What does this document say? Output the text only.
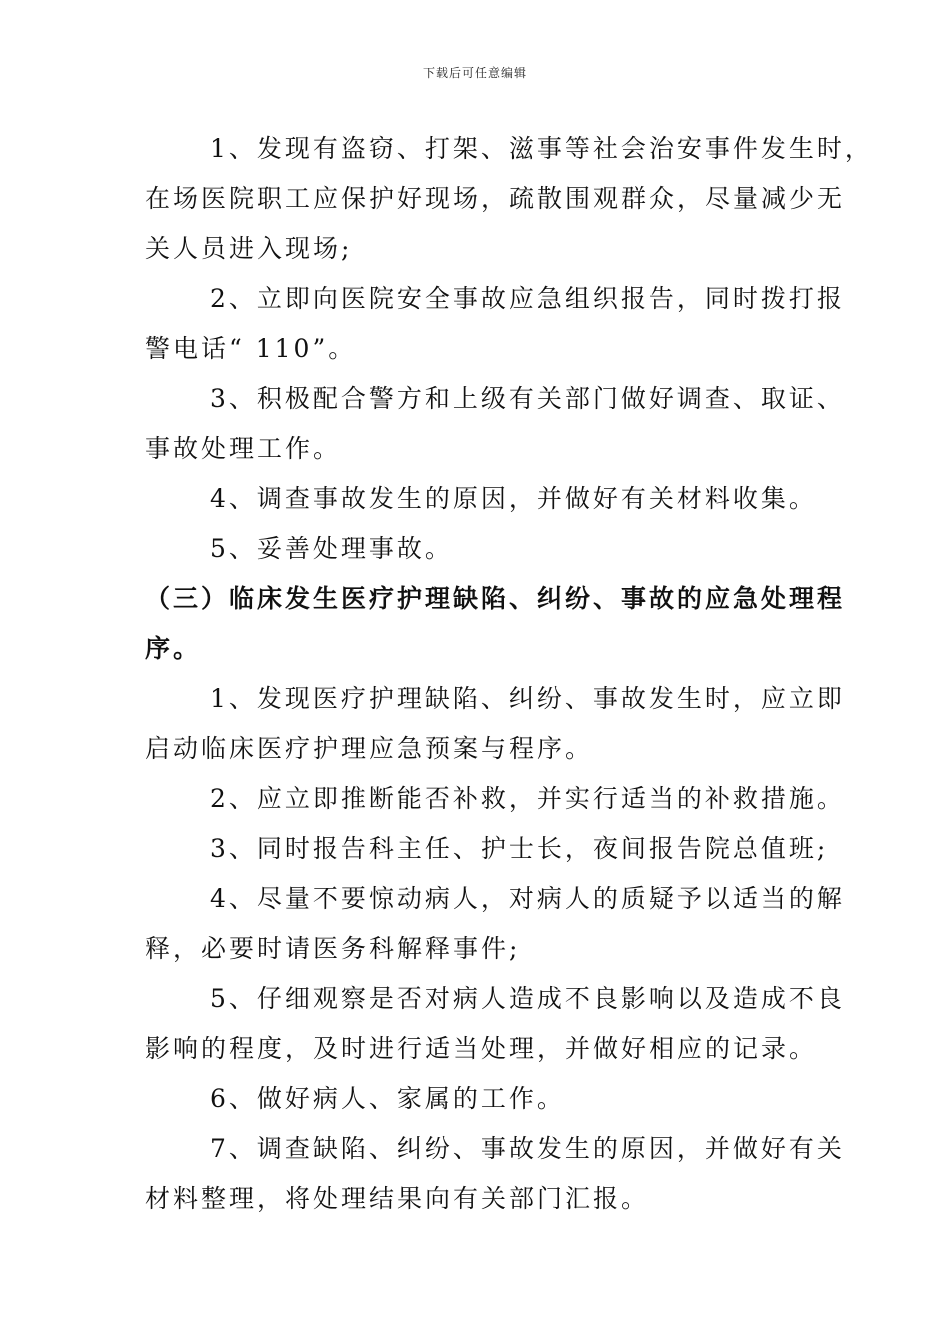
下载后可任意编辑
1、发现有盗窃、打架、滋事等社会治安事件发生时，
在场医院职工应保护好现场，疏散围观群众，尽量减少无
关人员进入现场;
2、立即向医院安全事故应急组织报告，同时拨打报
警电话“ 110”。
3、积极配合警方和上级有关部门做好调查、取证、
事故处理工作。
4、调查事故发生的原因，并做好有关材料收集。
5、妥善处理事故。
（三）临床发生医疗护理缺陷、纠纷、事故的应急处理程
序。
1、发现医疗护理缺陷、纠纷、事故发生时，应立即
启动临床医疗护理应急预案与程序。
2、应立即推断能否补救，并实行适当的补救措施。
3、同时报告科主任、护士长，夜间报告院总值班;
4、尽量不要惊动病人，对病人的质疑予以适当的解
释，必要时请医务科解释事件;
5、仔细观察是否对病人造成不良影响以及造成不良
影响的程度，及时进行适当处理，并做好相应的记录。
6、做好病人、家属的工作。
7、调查缺陷、纠纷、事故发生的原因，并做好有关
材料整理，将处理结果向有关部门汇报。
